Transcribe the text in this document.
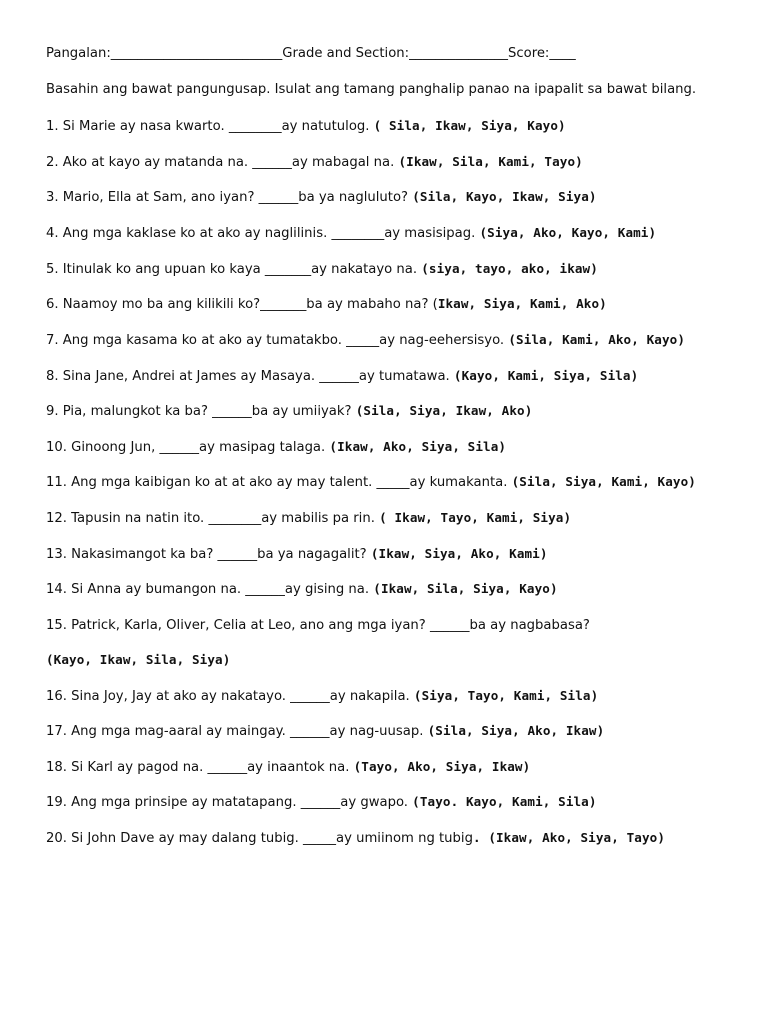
Pangalan:__________________________Grade and Section:_______________Score:____
Basahin ang bawat pangungusap. Isulat ang tamang panghalip panao na ipapalit sa bawat bilang.
1. Si Marie ay nasa kwarto. ________ay natutulog. ( Sila, Ikaw, Siya, Kayo)
2. Ako at kayo ay matanda na. ______ay mabagal na. (Ikaw, Sila, Kami, Tayo)
3. Mario, Ella at Sam, ano iyan? ______ba ya nagluluto? (Sila, Kayo, Ikaw, Siya)
4. Ang mga kaklase ko at ako ay naglilinis. ________ay masisipag. (Siya, Ako, Kayo, Kami)
5. Itinulak ko ang upuan ko kaya _______ay nakatayo na. (siya, tayo, ako, ikaw)
6. Naamoy mo ba ang kilikili ko?_______ba ay mabaho na? (Ikaw, Siya, Kami, Ako)
7. Ang mga kasama ko at ako ay tumatakbo. _____ay nag-eehersisyo. (Sila, Kami, Ako, Kayo)
8. Sina Jane, Andrei at James ay Masaya. ______ay tumatawa. (Kayo, Kami, Siya, Sila)
9. Pia, malungkot ka ba? ______ba ay umiiyak? (Sila, Siya, Ikaw, Ako)
10. Ginoong Jun, ______ay masipag talaga. (Ikaw, Ako, Siya, Sila)
11. Ang mga kaibigan ko at at ako ay may talent. _____ay kumakanta. (Sila, Siya, Kami, Kayo)
12. Tapusin na natin ito. ________ay mabilis pa rin. ( Ikaw, Tayo, Kami, Siya)
13. Nakasimangot ka ba? ______ba ya nagagalit? (Ikaw, Siya, Ako, Kami)
14. Si Anna ay bumangon na. ______ay gising na. (Ikaw, Sila, Siya, Kayo)
15. Patrick, Karla, Oliver, Celia at Leo, ano ang mga iyan? ______ba ay nagbabasa?
(Kayo, Ikaw, Sila, Siya)
16. Sina Joy, Jay at ako ay nakatayo. ______ay nakapila. (Siya, Tayo, Kami, Sila)
17. Ang mga mag-aaral ay maingay. ______ay nag-uusap. (Sila, Siya, Ako, Ikaw)
18. Si Karl ay pagod na. ______ay inaantok na. (Tayo, Ako, Siya, Ikaw)
19. Ang mga prinsipe ay matatapang. ______ay gwapo. (Tayo. Kayo, Kami, Sila)
20. Si John Dave ay may dalang tubig. _____ay umiinom ng tubig. (Ikaw, Ako, Siya, Tayo)
